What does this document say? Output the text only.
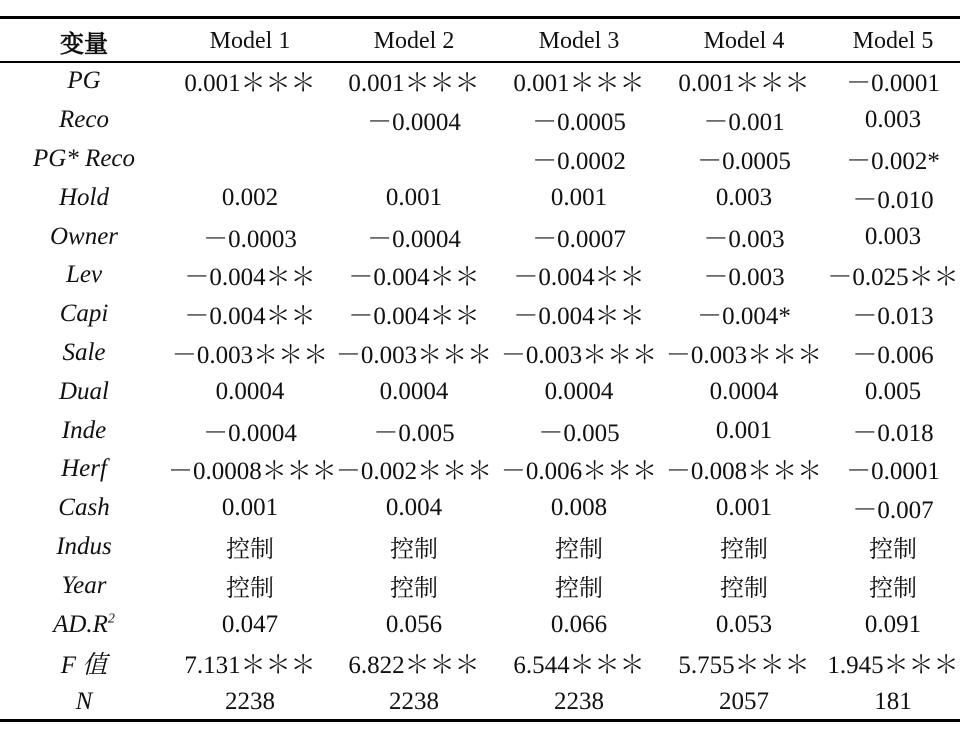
变量	Model 1	Model 2	Model 3	Model 4	Model 5
PG	0.001＊＊＊	0.001＊＊＊	0.001＊＊＊	0.001＊＊＊	－0.0001
Reco		－0.0004	－0.0005	－0.001	0.003
PG* Reco			－0.0002	－0.0005	－0.002*
Hold	0.002	0.001	0.001	0.003	－0.010
Owner	－0.0003	－0.0004	－0.0007	－0.003	0.003
Lev	－0.004＊＊	－0.004＊＊	－0.004＊＊	－0.003	－0.025＊＊
Capi	－0.004＊＊	－0.004＊＊	－0.004＊＊	－0.004*	－0.013
Sale	－0.003＊＊＊	－0.003＊＊＊	－0.003＊＊＊	－0.003＊＊＊	－0.006
Dual	0.0004	0.0004	0.0004	0.0004	0.005
Inde	－0.0004	－0.005	－0.005	0.001	－0.018
Herf	－0.0008＊＊＊	－0.002＊＊＊	－0.006＊＊＊	－0.008＊＊＊	－0.0001
Cash	0.001	0.004	0.008	0.001	－0.007
Indus	控制	控制	控制	控制	控制
Year	控制	控制	控制	控制	控制
$AD.R^2$	0.047	0.056	0.066	0.053	0.091
F 值	7.131＊＊＊	6.822＊＊＊	6.544＊＊＊	5.755＊＊＊	1.945＊＊＊
N	2238	2238	2238	2057	181
